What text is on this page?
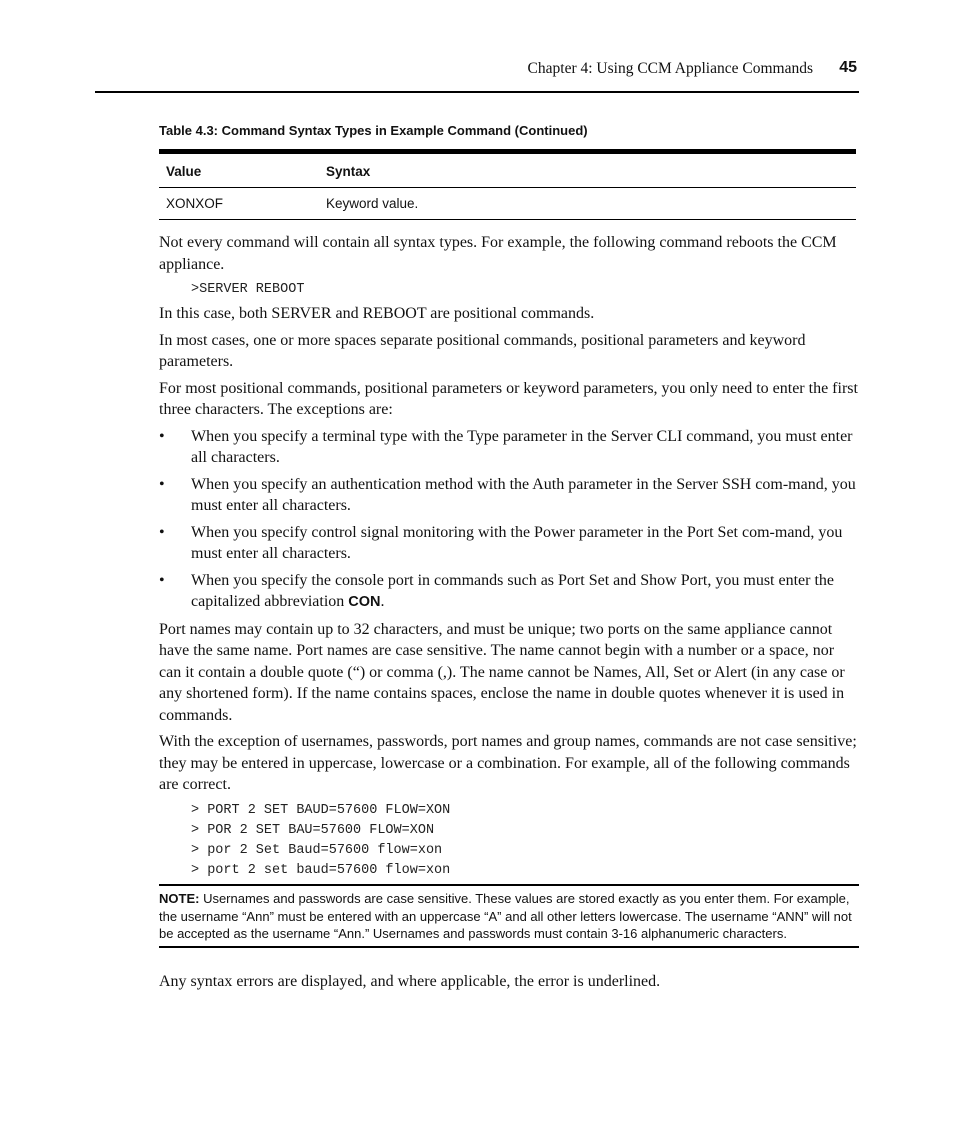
Chapter 4: Using CCM Appliance Commands 45
Table 4.3: Command Syntax Types in Example Command (Continued)
Value	Syntax
XONXOF	Keyword value.

Not every command will contain all syntax types. For example, the following command reboots the CCM appliance.

>SERVER REBOOT

In this case, both SERVER and REBOOT are positional commands.

In most cases, one or more spaces separate positional commands, positional parameters and keyword parameters.

For most positional commands, positional parameters or keyword parameters, you only need to enter the first three characters. The exceptions are:

• When you specify a terminal type with the Type parameter in the Server CLI command, you must enter all characters.
• When you specify an authentication method with the Auth parameter in the Server SSH com-mand, you must enter all characters.
• When you specify control signal monitoring with the Power parameter in the Port Set com-mand, you must enter all characters.
• When you specify the console port in commands such as Port Set and Show Port, you must enter the capitalized abbreviation CON.

Port names may contain up to 32 characters, and must be unique; two ports on the same appliance cannot have the same name. Port names are case sensitive. The name cannot begin with a number or a space, nor can it contain a double quote (“) or comma (,). The name cannot be Names, All, Set or Alert (in any case or any shortened form). If the name contains spaces, enclose the name in double quotes whenever it is used in commands.

With the exception of usernames, passwords, port names and group names, commands are not case sensitive; they may be entered in uppercase, lowercase or a combination. For example, all of the following commands are correct.

> PORT 2 SET BAUD=57600 FLOW=XON
> POR 2 SET BAU=57600 FLOW=XON
> por 2 Set Baud=57600 flow=xon
> port 2 set baud=57600 flow=xon
NOTE: Usernames and passwords are case sensitive. These values are stored exactly as you enter them. For example, the username “Ann” must be entered with an uppercase “A” and all other letters lowercase. The username “ANN” will not be accepted as the username “Ann.” Usernames and passwords must contain 3-16 alphanumeric characters.
Any syntax errors are displayed, and where applicable, the error is underlined.
